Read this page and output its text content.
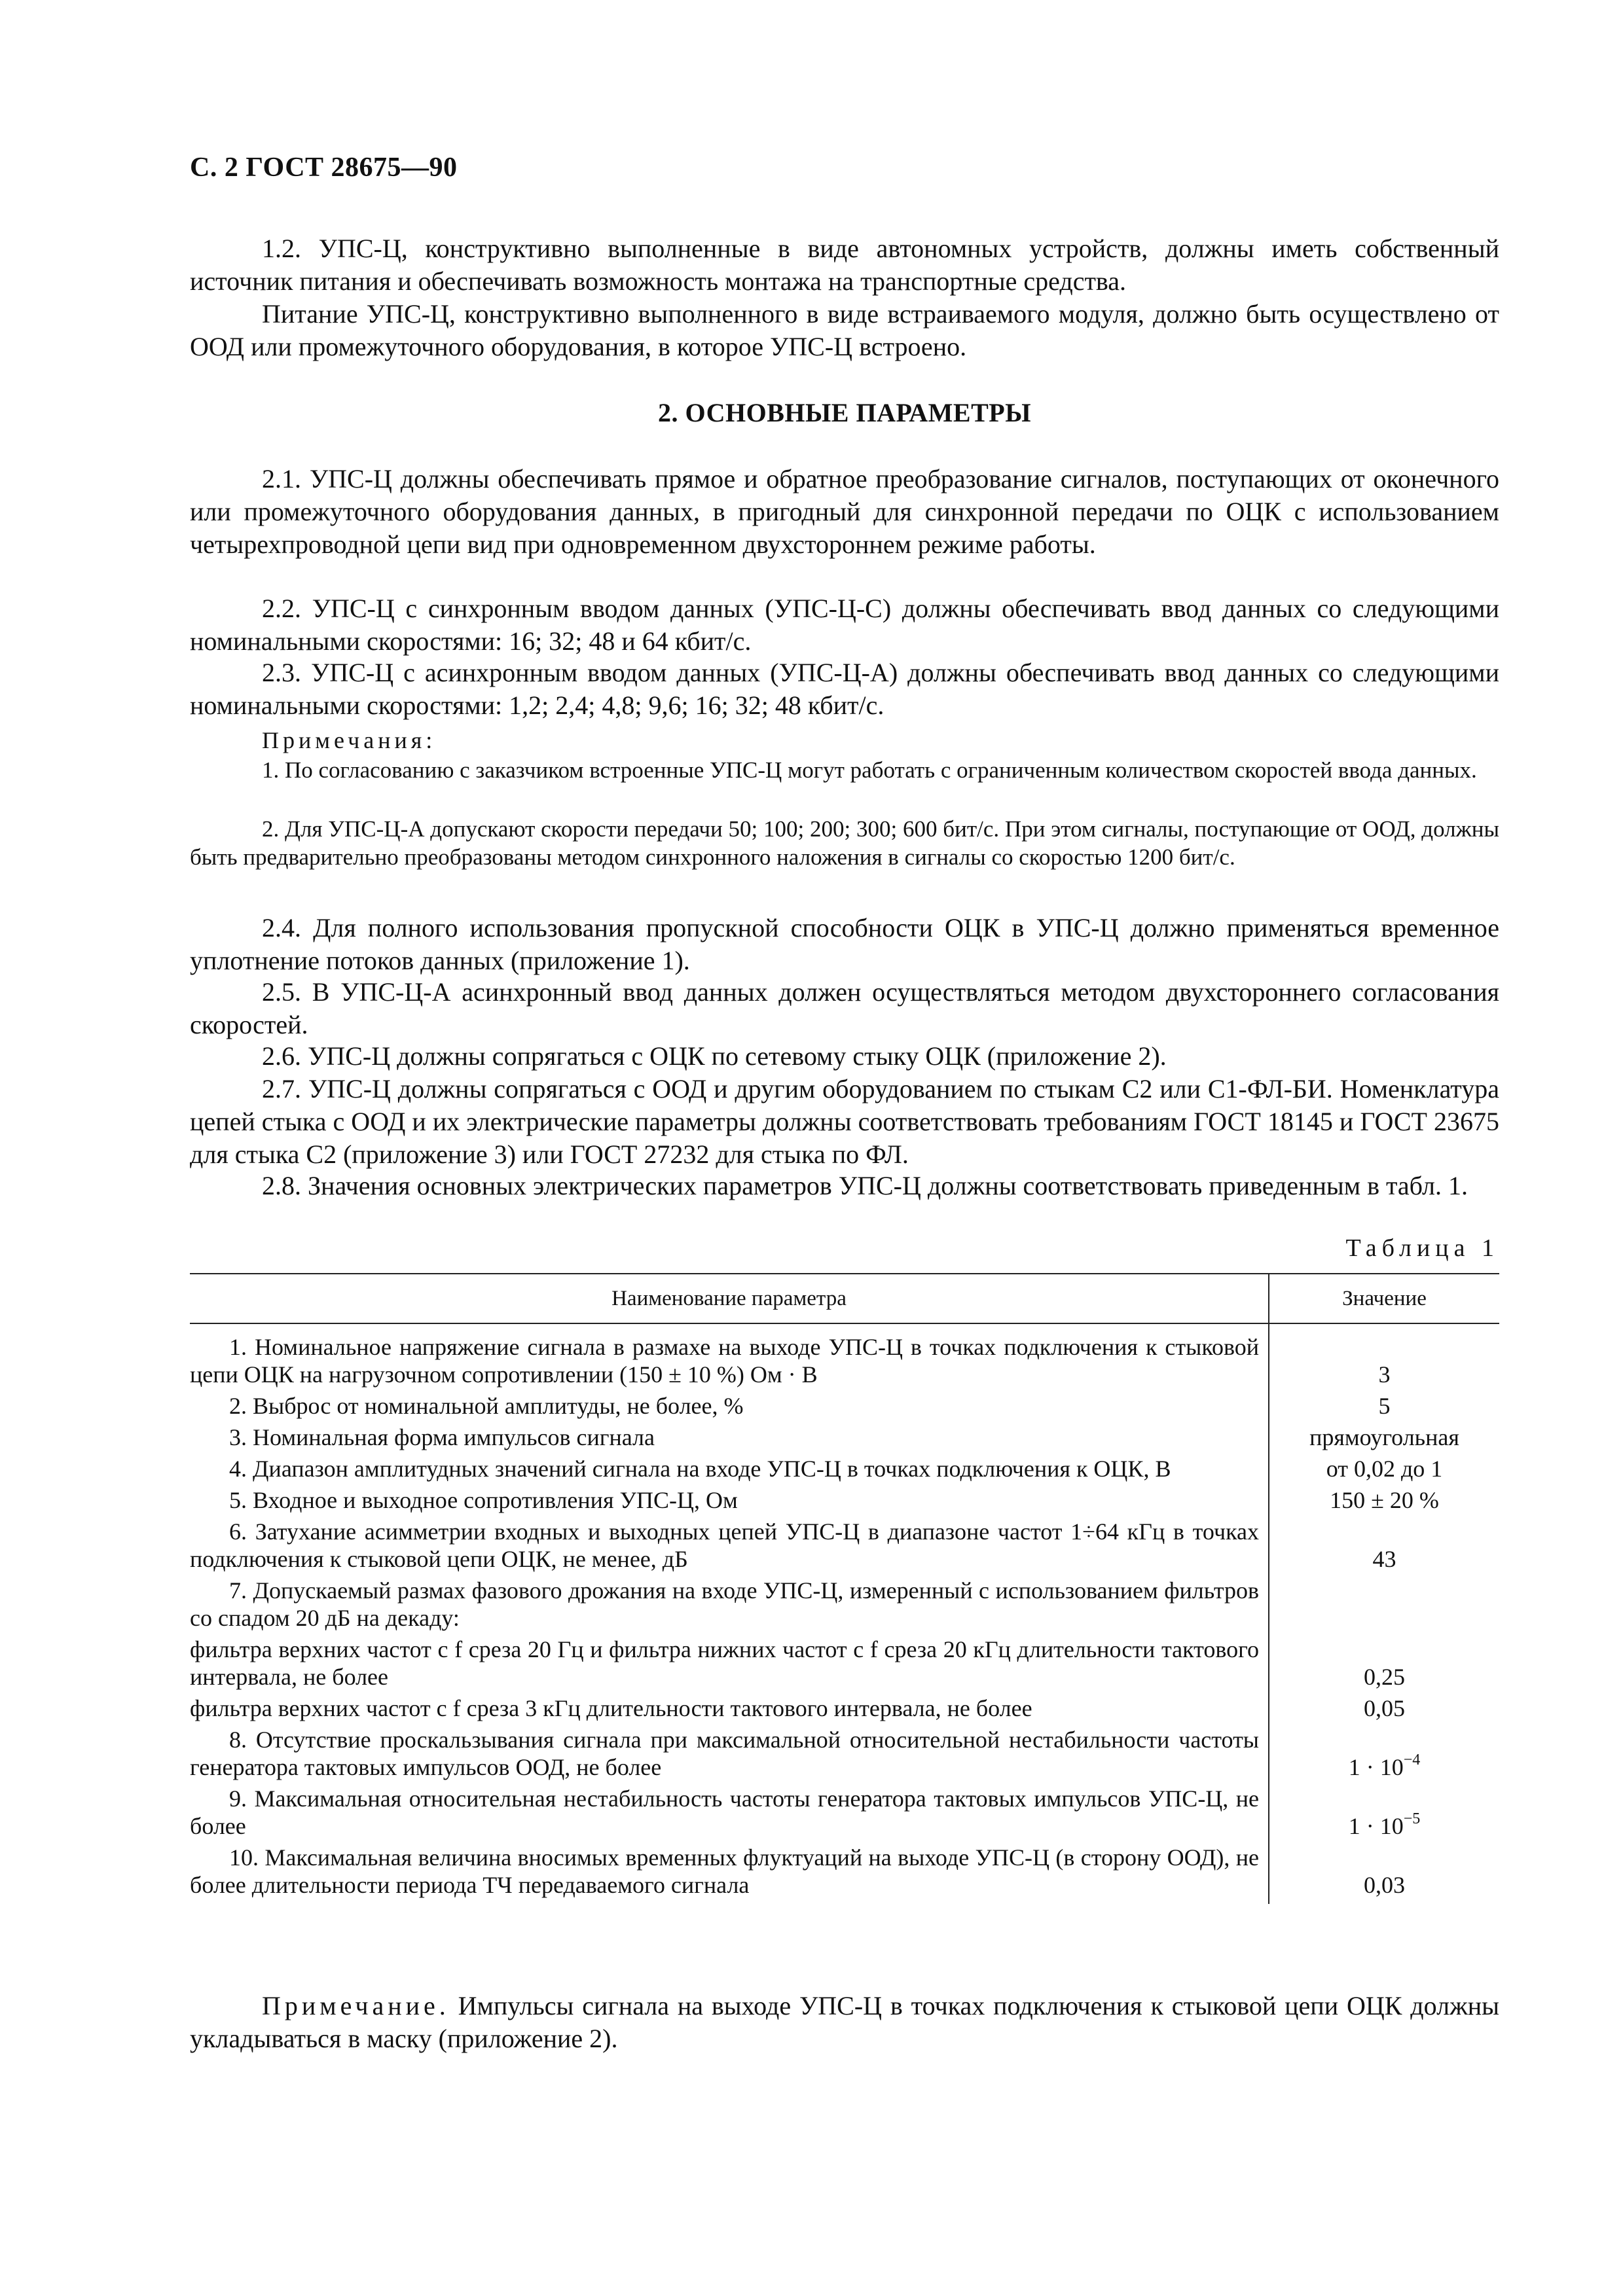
С. 2 ГОСТ 28675—90

1.2. УПС-Ц, конструктивно выполненные в виде автономных устройств, должны иметь собственный источник питания и обеспечивать возможность монтажа на транспортные средства.

Питание УПС-Ц, конструктивно выполненного в виде встраиваемого модуля, должно быть осуществлено от ООД или промежуточного оборудования, в которое УПС-Ц встроено.

2. ОСНОВНЫЕ ПАРАМЕТРЫ

2.1. УПС-Ц должны обеспечивать прямое и обратное преобразование сигналов, поступающих от оконечного или промежуточного оборудования данных, в пригодный для синхронной передачи по ОЦК с использованием четырехпроводной цепи вид при одновременном двухстороннем режиме работы.

2.2. УПС-Ц с синхронным вводом данных (УПС-Ц-С) должны обеспечивать ввод данных со следующими номинальными скоростями: 16; 32; 48 и 64 кбит/с.

2.3. УПС-Ц с асинхронным вводом данных (УПС-Ц-А) должны обеспечивать ввод данных со следующими номинальными скоростями: 1,2; 2,4; 4,8; 9,6; 16; 32; 48 кбит/с.

Примечания:
1. По согласованию с заказчиком встроенные УПС-Ц могут работать с ограниченным количеством скоростей ввода данных.
2. Для УПС-Ц-А допускают скорости передачи 50; 100; 200; 300; 600 бит/с. При этом сигналы, поступающие от ООД, должны быть предварительно преобразованы методом синхронного наложения в сигналы со скоростью 1200 бит/с.

2.4. Для полного использования пропускной способности ОЦК в УПС-Ц должно применяться временное уплотнение потоков данных (приложение 1).

2.5. В УПС-Ц-А асинхронный ввод данных должен осуществляться методом двухстороннего согласования скоростей.

2.6. УПС-Ц должны сопрягаться с ОЦК по сетевому стыку ОЦК (приложение 2).

2.7. УПС-Ц должны сопрягаться с ООД и другим оборудованием по стыкам С2 или С1-ФЛ-БИ. Номенклатура цепей стыка с ООД и их электрические параметры должны соответствовать требованиям ГОСТ 18145 и ГОСТ 23675 для стыка С2 (приложение 3) или ГОСТ 27232 для стыка по ФЛ.

2.8. Значения основных электрических параметров УПС-Ц должны соответствовать приведенным в табл. 1.

Таблица 1
Наименование параметра	Значение
1. Номинальное напряжение сигнала в размахе на выходе УПС-Ц в точках подключения к стыковой цепи ОЦК на нагрузочном сопротивлении (150 ± 10 %) Ом · В	3
2. Выброс от номинальной амплитуды, не более, %	5
3. Номинальная форма импульсов сигнала	прямоугольная
4. Диапазон амплитудных значений сигнала на входе УПС-Ц в точках подключения к ОЦК, В	от 0,02 до 1
5. Входное и выходное сопротивления УПС-Ц, Ом	150 ± 20 %
6. Затухание асимметрии входных и выходных цепей УПС-Ц в диапазоне частот 1÷64 кГц в точках подключения к стыковой цепи ОЦК, не менее, дБ	43
7. Допускаемый размах фазового дрожания на входе УПС-Ц, измеренный с использованием фильтров со спадом 20 дБ на декаду:	
фильтра верхних частот с f среза 20 Гц и фильтра нижних частот с f среза 20 кГц длительности тактового интервала, не более	0,25
фильтра верхних частот с f среза 3 кГц длительности тактового интервала, не более	0,05
8. Отсутствие проскальзывания сигнала при максимальной относительной нестабильности частоты генератора тактовых импульсов ООД, не более	$1 \cdot 10^{-4}$
9. Максимальная относительная нестабильность частоты генератора тактовых импульсов УПС-Ц, не более	$1 \cdot 10^{-5}$
10. Максимальная величина вносимых временных флуктуаций на выходе УПС-Ц (в сторону ООД), не более длительности периода ТЧ передаваемого сигнала	0,03

Примечание. Импульсы сигнала на выходе УПС-Ц в точках подключения к стыковой цепи ОЦК должны укладываться в маску (приложение 2).
